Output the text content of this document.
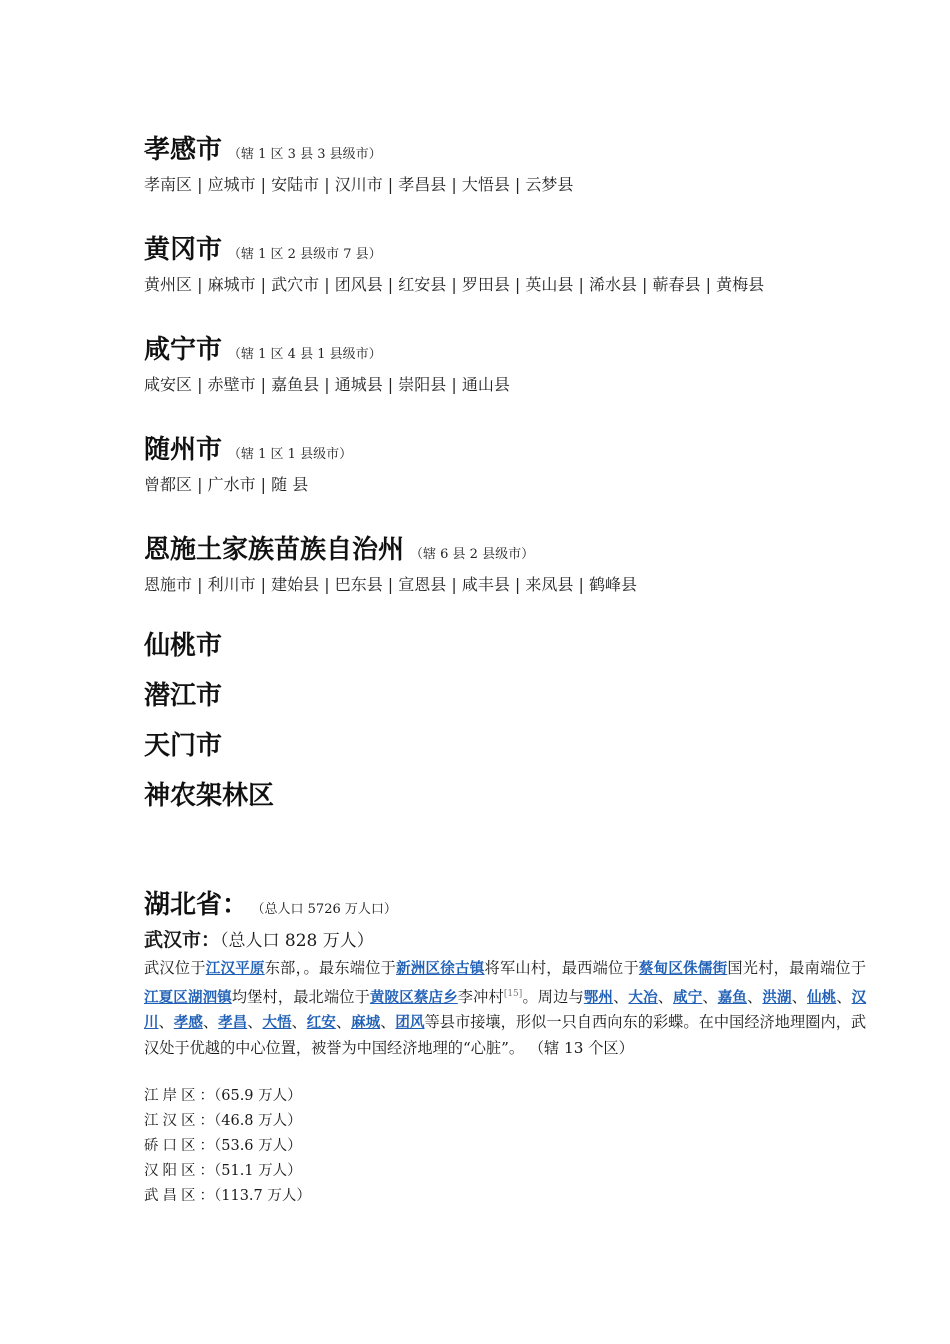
孝感市 （辖 1 区 3 县 3 县级市）
孝南区 | 应城市 | 安陆市 | 汉川市 | 孝昌县 | 大悟县 | 云梦县
黄冈市 （辖 1 区 2 县级市 7 县）
黄州区 | 麻城市 | 武穴市 | 团风县 | 红安县 | 罗田县 | 英山县 | 浠水县 | 蕲春县 | 黄梅县
咸宁市 （辖 1 区 4 县 1 县级市）
咸安区 | 赤壁市 | 嘉鱼县 | 通城县 | 崇阳县 | 通山县
随州市 （辖 1 区 1 县级市）
曾都区 | 广水市 | 随 县
恩施土家族苗族自治州 （辖 6 县 2 县级市）
恩施市 | 利川市 | 建始县 | 巴东县 | 宣恩县 | 咸丰县 | 来凤县 | 鹤峰县
仙桃市
潜江市
天门市
神农架林区
湖北省： （总人口 5726 万人口）
武汉市：（总人口 828 万人）

武汉位于江汉平原东部，。最东端位于新洲区徐古镇将军山村，最西端位于蔡甸区侏儒街国光村，最南端位于江夏区湖泗镇均堡村，最北端位于黄陂区蔡店乡李冲村[15]。周边与鄂州、大冶、咸宁、嘉鱼、洪湖、仙桃、汉川、孝感、孝昌、大悟、红安、麻城、团风等县市接壤，形似一只自西向东的彩蝶。在中国经济地理圈内，武汉处于优越的中心位置，被誉为中国经济地理的“心脏”。 （辖 13 个区）

江岸区：（65.9 万人）
江汉区：（46.8 万人）
硚口区：（53.6 万人）
汉阳区：（51.1 万人）
武昌区：（113.7 万人）
